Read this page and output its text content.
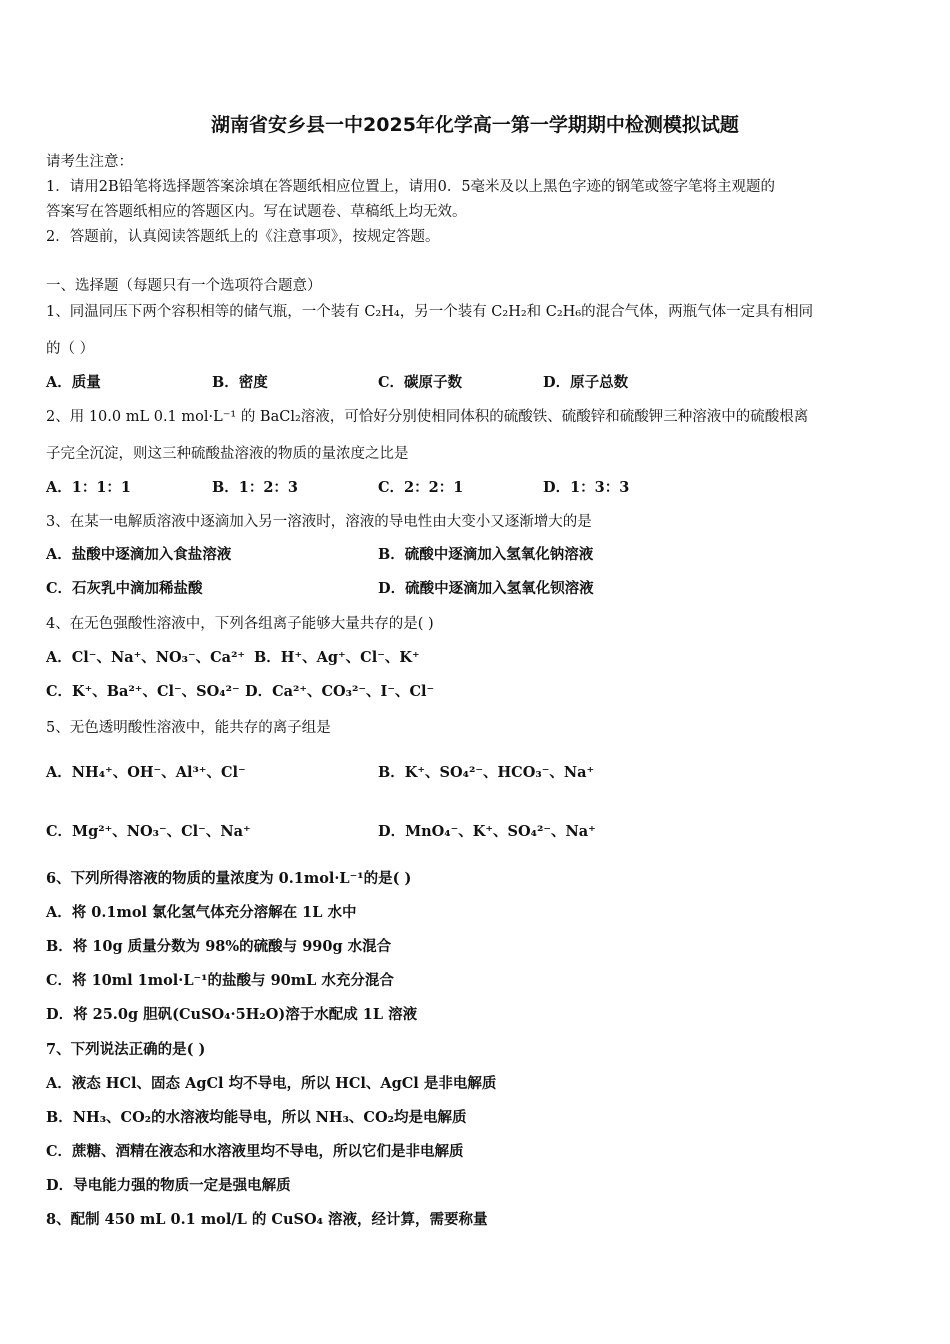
湖南省安乡县一中2025年化学高一第一学期期中检测模拟试题
请考生注意：
1．请用2B铅笔将选择题答案涂填在答题纸相应位置上，请用0．5毫米及以上黑色字迹的钢笔或签字笔将主观题的
答案写在答题纸相应的答题区内。写在试题卷、草稿纸上均无效。
2．答题前，认真阅读答题纸上的《注意事项》，按规定答题。
一、选择题（每题只有一个选项符合题意）
1、同温同压下两个容积相等的储气瓶，一个装有 C₂H₄，另一个装有 C₂H₂和 C₂H₆的混合气体，两瓶气体一定具有相同
的（ ）
A．质量	B．密度	C．碳原子数	D．原子总数
2、用 10.0 mL 0.1 mol·L⁻¹ 的 BaCl₂溶液，可恰好分别使相同体积的硫酸铁、硫酸锌和硫酸钾三种溶液中的硫酸根离
子完全沉淀，则这三种硫酸盐溶液的物质的量浓度之比是
A．1：1：1	B．1：2：3	C．2：2：1	D．1：3：3
3、在某一电解质溶液中逐滴加入另一溶液时，溶液的导电性由大变小又逐渐增大的是
A．盐酸中逐滴加入食盐溶液	B．硫酸中逐滴加入氢氧化钠溶液
C．石灰乳中滴加稀盐酸	D．硫酸中逐滴加入氢氧化钡溶液
4、在无色强酸性溶液中，下列各组离子能够大量共存的是( )
A．Cl⁻、Na⁺、NO₃⁻、Ca²⁺ B．H⁺、Ag⁺、Cl⁻、K⁺
C．K⁺、Ba²⁺、Cl⁻、SO₄²⁻ D．Ca²⁺、CO₃²⁻、I⁻、Cl⁻
5、无色透明酸性溶液中，能共存的离子组是
A．NH₄⁺、OH⁻、Al³⁺、Cl⁻	B．K⁺、SO₄²⁻、HCO₃⁻、Na⁺
C．Mg²⁺、NO₃⁻、Cl⁻、Na⁺	D．MnO₄⁻、K⁺、SO₄²⁻、Na⁺
6、下列所得溶液的物质的量浓度为 0.1mol·L⁻¹的是( )
A．将 0.1mol 氯化氢气体充分溶解在 1L 水中
B．将 10g 质量分数为 98%的硫酸与 990g 水混合
C．将 10ml 1mol·L⁻¹的盐酸与 90mL 水充分混合
D．将 25.0g 胆矾(CuSO₄·5H₂O)溶于水配成 1L 溶液
7、下列说法正确的是( )
A．液态 HCl、固态 AgCl 均不导电，所以 HCl、AgCl 是非电解质
B．NH₃、CO₂的水溶液均能导电，所以 NH₃、CO₂均是电解质
C．蔗糖、酒精在液态和水溶液里均不导电，所以它们是非电解质
D．导电能力强的物质一定是强电解质
8、配制 450 mL 0.1 mol/L 的 CuSO₄ 溶液，经计算，需要称量
